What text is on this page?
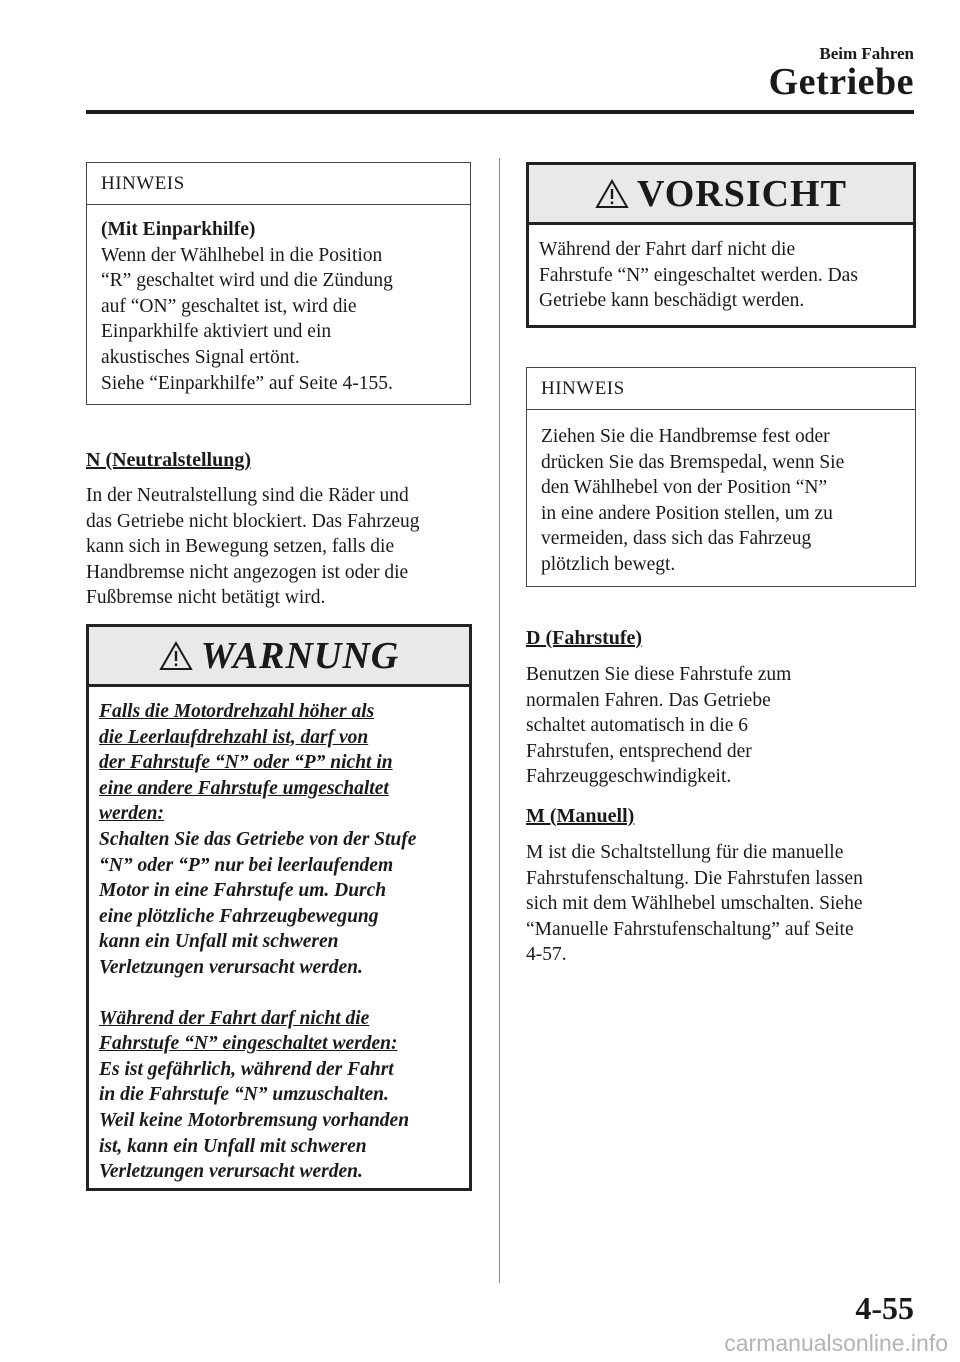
Beim Fahren
Getriebe
HINWEIS
(Mit Einparkhilfe)
Wenn der Wählhebel in die Position
“R” geschaltet wird und die Zündung
auf “ON” geschaltet ist, wird die
Einparkhilfe aktiviert und ein
akustisches Signal ertönt.
Siehe “Einparkhilfe” auf Seite 4-155.
N (Neutralstellung)
In der Neutralstellung sind die Räder und
das Getriebe nicht blockiert. Das Fahrzeug
kann sich in Bewegung setzen, falls die
Handbremse nicht angezogen ist oder die
Fußbremse nicht betätigt wird.
WARNUNG
Falls die Motordrehzahl höher als
die Leerlaufdrehzahl ist, darf von
der Fahrstufe “N” oder “P” nicht in
eine andere Fahrstufe umgeschaltet
werden:
Schalten Sie das Getriebe von der Stufe
“N” oder “P” nur bei leerlaufendem
Motor in eine Fahrstufe um. Durch
eine plötzliche Fahrzeugbewegung
kann ein Unfall mit schweren
Verletzungen verursacht werden.
Während der Fahrt darf nicht die
Fahrstufe “N” eingeschaltet werden:
Es ist gefährlich, während der Fahrt
in die Fahrstufe “N” umzuschalten.
Weil keine Motorbremsung vorhanden
ist, kann ein Unfall mit schweren
Verletzungen verursacht werden.
VORSICHT
Während der Fahrt darf nicht die
Fahrstufe “N” eingeschaltet werden. Das
Getriebe kann beschädigt werden.
HINWEIS
Ziehen Sie die Handbremse fest oder
drücken Sie das Bremspedal, wenn Sie
den Wählhebel von der Position “N”
in eine andere Position stellen, um zu
vermeiden, dass sich das Fahrzeug
plötzlich bewegt.
D (Fahrstufe)
Benutzen Sie diese Fahrstufe zum
normalen Fahren. Das Getriebe
schaltet automatisch in die 6
Fahrstufen, entsprechend der
Fahrzeuggeschwindigkeit.
M (Manuell)
M ist die Schaltstellung für die manuelle
Fahrstufenschaltung. Die Fahrstufen lassen
sich mit dem Wählhebel umschalten. Siehe
“Manuelle Fahrstufenschaltung” auf Seite
4-57.
4-55
carmanualsonline.info
